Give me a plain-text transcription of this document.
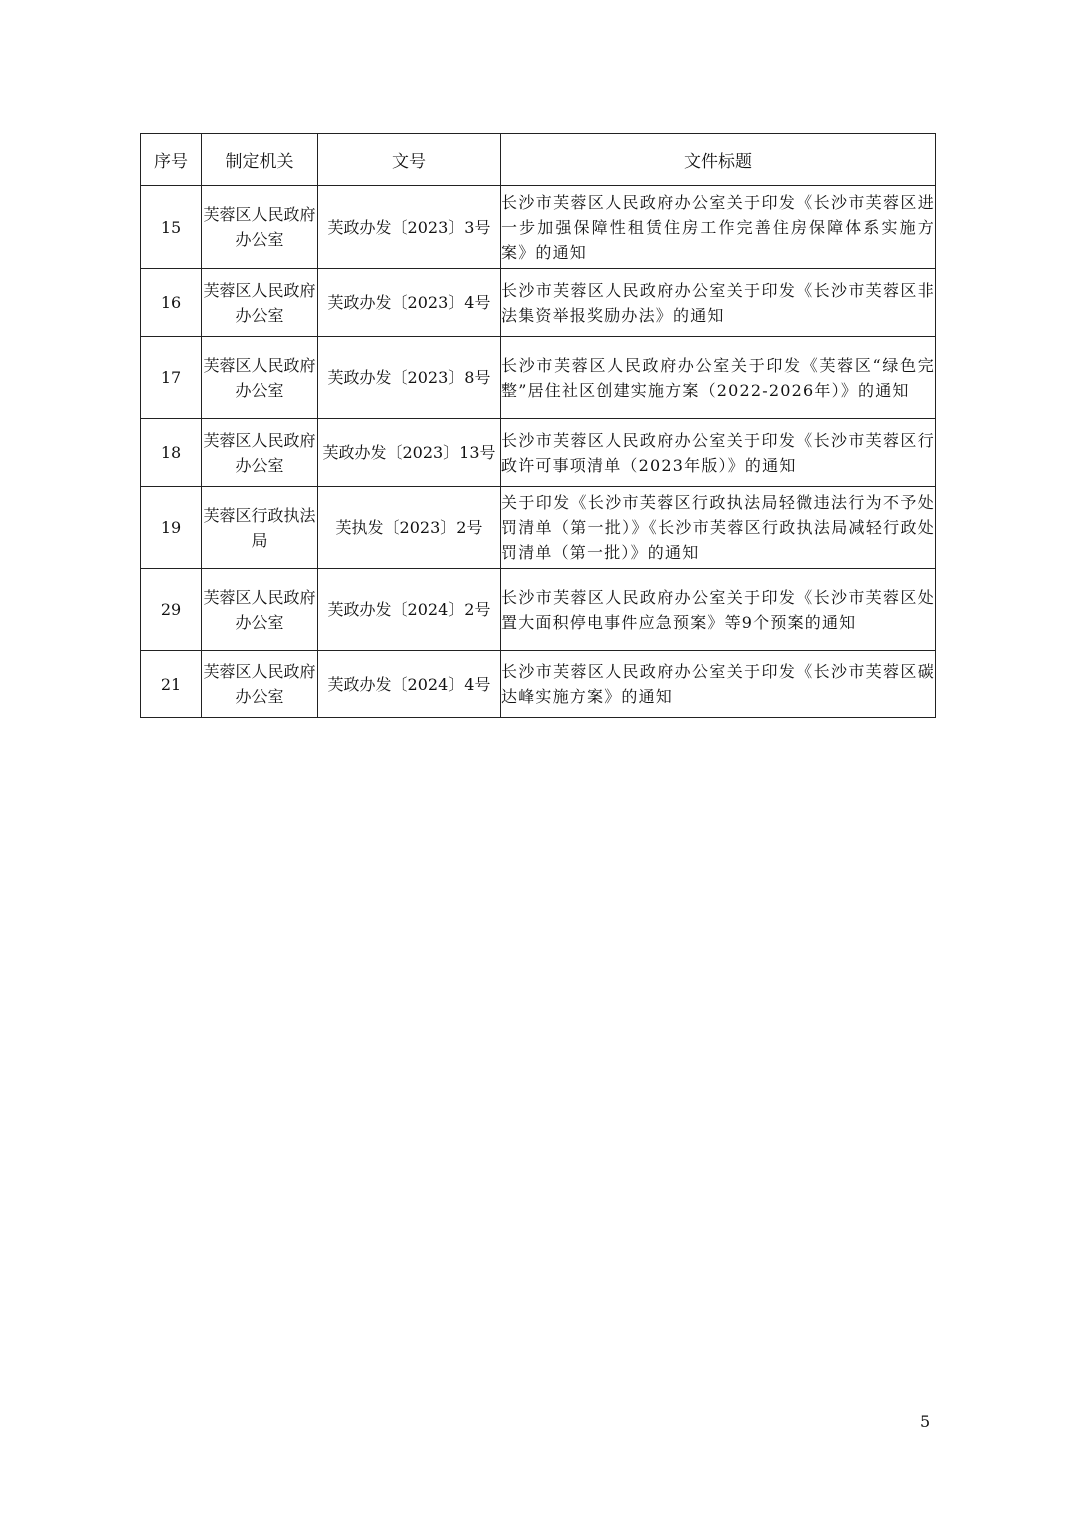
序号	制定机关	文号	文件标题
15	芙蓉区人民政府办公室	芙政办发〔2023〕3号	长沙市芙蓉区人民政府办公室关于印发《长沙市芙蓉区进一步加强保障性租赁住房工作完善住房保障体系实施方案》的通知
16	芙蓉区人民政府办公室	芙政办发〔2023〕4号	长沙市芙蓉区人民政府办公室关于印发《长沙市芙蓉区非法集资举报奖励办法》的通知
17	芙蓉区人民政府办公室	芙政办发〔2023〕8号	长沙市芙蓉区人民政府办公室关于印发《芙蓉区“绿色完整”居住社区创建实施方案（2022-2026年）》的通知
18	芙蓉区人民政府办公室	芙政办发〔2023〕13号	长沙市芙蓉区人民政府办公室关于印发《长沙市芙蓉区行政许可事项清单（2023年版）》的通知
19	芙蓉区行政执法局	芙执发〔2023〕2号	关于印发《长沙市芙蓉区行政执法局轻微违法行为不予处罚清单（第一批）》《长沙市芙蓉区行政执法局减轻行政处罚清单（第一批）》的通知
29	芙蓉区人民政府办公室	芙政办发〔2024〕2号	长沙市芙蓉区人民政府办公室关于印发《长沙市芙蓉区处置大面积停电事件应急预案》等9个预案的通知
21	芙蓉区人民政府办公室	芙政办发〔2024〕4号	长沙市芙蓉区人民政府办公室关于印发《长沙市芙蓉区碳达峰实施方案》的通知
5
